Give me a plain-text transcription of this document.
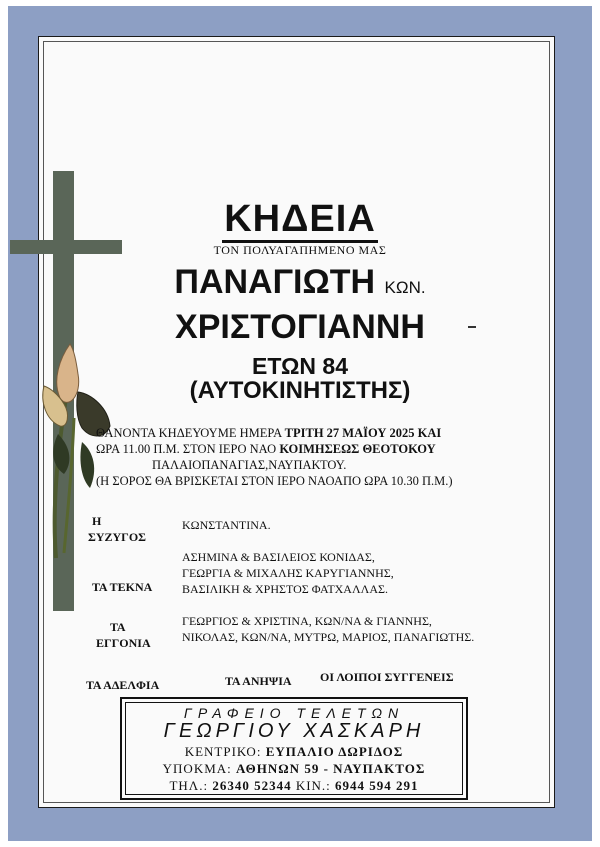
ΚΗΔΕΙΑ
ΤΟΝ ΠΟΛΥΑΓΑΠΗΜΕΝΟ ΜΑΣ
ΠΑΝΑΓΙΩΤΗ ΚΩΝ.
ΧΡΙΣΤΟΓΙΑΝΝΗ
ΕΤΩΝ 84
(ΑΥΤΟΚΙΝΗΤΙΣΤΗΣ)
ΘΑΝΟΝΤΑ ΚΗΔΕΥΟΥΜΕ ΗΜΕΡΑ ΤΡΙΤΗ 27 ΜΑΪΟΥ 2025 ΚΑΙ
ΩΡΑ 11.00 Π.Μ. ΣΤΟΝ ΙΕΡΟ ΝΑΟ ΚΟΙΜΗΣΕΩΣ ΘΕΟΤΟΚΟΥ
ΠΑΛΑΙΟΠΑΝΑΓΙΑΣ,ΝΑΥΠΑΚΤΟΥ.
(Η ΣΟΡΟΣ ΘΑ ΒΡΙΣΚΕΤΑΙ ΣΤΟΝ ΙΕΡΟ ΝΑΟΑΠΟ ΩΡΑ 10.30 Π.Μ.)
Η
ΣΥΖΥΓΟΣ
ΚΩΝΣΤΑΝΤΙΝΑ.
ΤΑ ΤΕΚΝΑ
ΑΣΗΜΙΝΑ & ΒΑΣΙΛΕΙΟΣ ΚΟΝΙΔΑΣ,
ΓΕΩΡΓΙΑ & ΜΙΧΑΛΗΣ ΚΑΡΥΓΙΑΝΝΗΣ,
ΒΑΣΙΛΙΚΗ & ΧΡΗΣΤΟΣ ΦΑΤΧΑΛΛΑΣ.
ΤΑ
ΕΓΓΟΝΙΑ
ΓΕΩΡΓΙΟΣ & ΧΡΙΣΤΙΝΑ, ΚΩΝ/ΝΑ & ΓΙΑΝΝΗΣ,
ΝΙΚΟΛΑΣ, ΚΩΝ/ΝΑ, ΜΥΤΡΩ, ΜΑΡΙΟΣ, ΠΑΝΑΓΙΩΤΗΣ.
ΤΑ ΑΔΕΛΦΙΑ	ΤΑ ΑΝΗΨΙΑ ΟΙ ΛΟΙΠΟΙ ΣΥΓΓΕΝΕΙΣ
ΓΡΑΦΕΙΟ ΤΕΛΕΤΩΝ
ΓΕΩΡΓΙΟΥ ΧΑΣΚΑΡΗ
ΚΕΝΤΡΙΚΟ: ΕΥΠΑΛΙΟ ΔΩΡΙΔΟΣ
ΥΠΟΚΜΑ: ΑΘΗΝΩΝ 59 - ΝΑΥΠΑΚΤΟΣ
ΤΗΛ.: 26340 52344 ΚΙΝ.: 6944 594 291
